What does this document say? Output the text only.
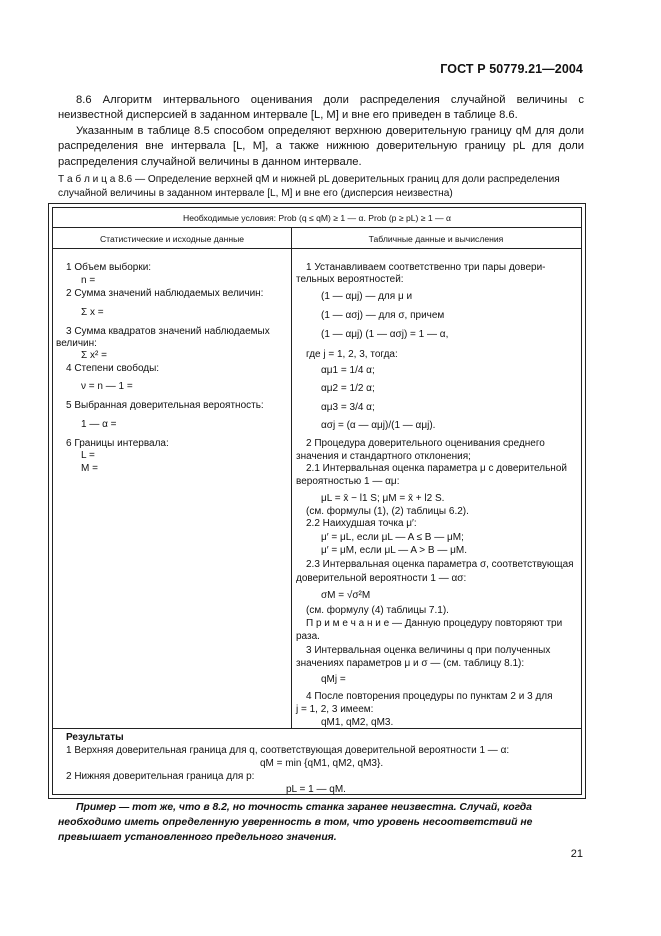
ГОСТ Р 50779.21—2004
8.6 Алгоритм интервального оценивания доли распределения случайной величины с неизвестной дисперсией в заданном интервале [L, M] и вне его приведен в таблице 8.6.
Указанным в таблице 8.5 способом определяют верхнюю доверительную границу qM для доли распределения вне интервала [L, M], а также нижнюю доверительную границу pL для доли распределения случайной величины в данном интервале.
Т а б л и ц а 8.6 — Определение верхней qM и нижней pL доверительных границ для доли распределения случайной величины в заданном интервале [L, M] и вне его (дисперсия неизвестна)
Необходимые условия: Prob (q ≤ qM) ≥ 1 — α. Prob (p ≥ pL) ≥ 1 — α
Статистические и исходные данные	Табличные данные и вычисления
1 Объем выборки:
n =
2 Сумма значений наблюдаемых величин:
Σ x =
3 Сумма квадратов значений наблюдаемых
величин:
Σ x² =
4 Степени свободы:
ν = n — 1 =
5 Выбранная доверительная вероятность:
1 — α =
6 Границы интервала:
L =
M =
1 Устанавливаем соответственно три пары довери-
тельных вероятностей:
(1 — αμj) — для μ и
(1 — ασj) — для σ, причем
(1 — αμj) (1 — ασj) = 1 — α,
где j = 1, 2, 3, тогда:
αμ1 = 1/4 α;
αμ2 = 1/2 α;
αμ3 = 3/4 α;
ασj = (α — αμj)/(1 — αμj).
2 Процедура доверительного оценивания среднего
значения и стандартного отклонения;
2.1 Интервальная оценка параметра μ с доверительной
вероятностью 1 — αμ:
μL = x̄ − l1 S; μM = x̄ + l2 S.
(см. формулы (1), (2) таблицы 6.2).
2.2 Наихудшая точка μ′:
μ′ = μL, если μL — A ≤ B — μM;
μ′ = μM, если μL — A > B — μM.
2.3 Интервальная оценка параметра σ, соответствующая
доверительной вероятности 1 — ασ:
σM = √σ²M
(см. формулу (4) таблицы 7.1).
П р и м е ч а н и е — Данную процедуру повторяют три
раза.
3 Интервальная оценка величины q при полученных
значениях параметров μ и σ — (см. таблицу 8.1):
qMj =
4 После повторения процедуры по пунктам 2 и 3 для
j = 1, 2, 3 имеем:
qM1, qM2, qM3.
Результаты
1 Верхняя доверительная граница для q, соответствующая доверительной вероятности 1 — α:
qM = min {qM1, qM2, qM3}.
2 Нижняя доверительная граница для p:
pL = 1 — qM.
Пример — тот же, что в 8.2, но точность станка заранее неизвестна. Случай, когда необходимо иметь определенную уверенность в том, что уровень несоответствий не превышает установленного предельного значения.
21
